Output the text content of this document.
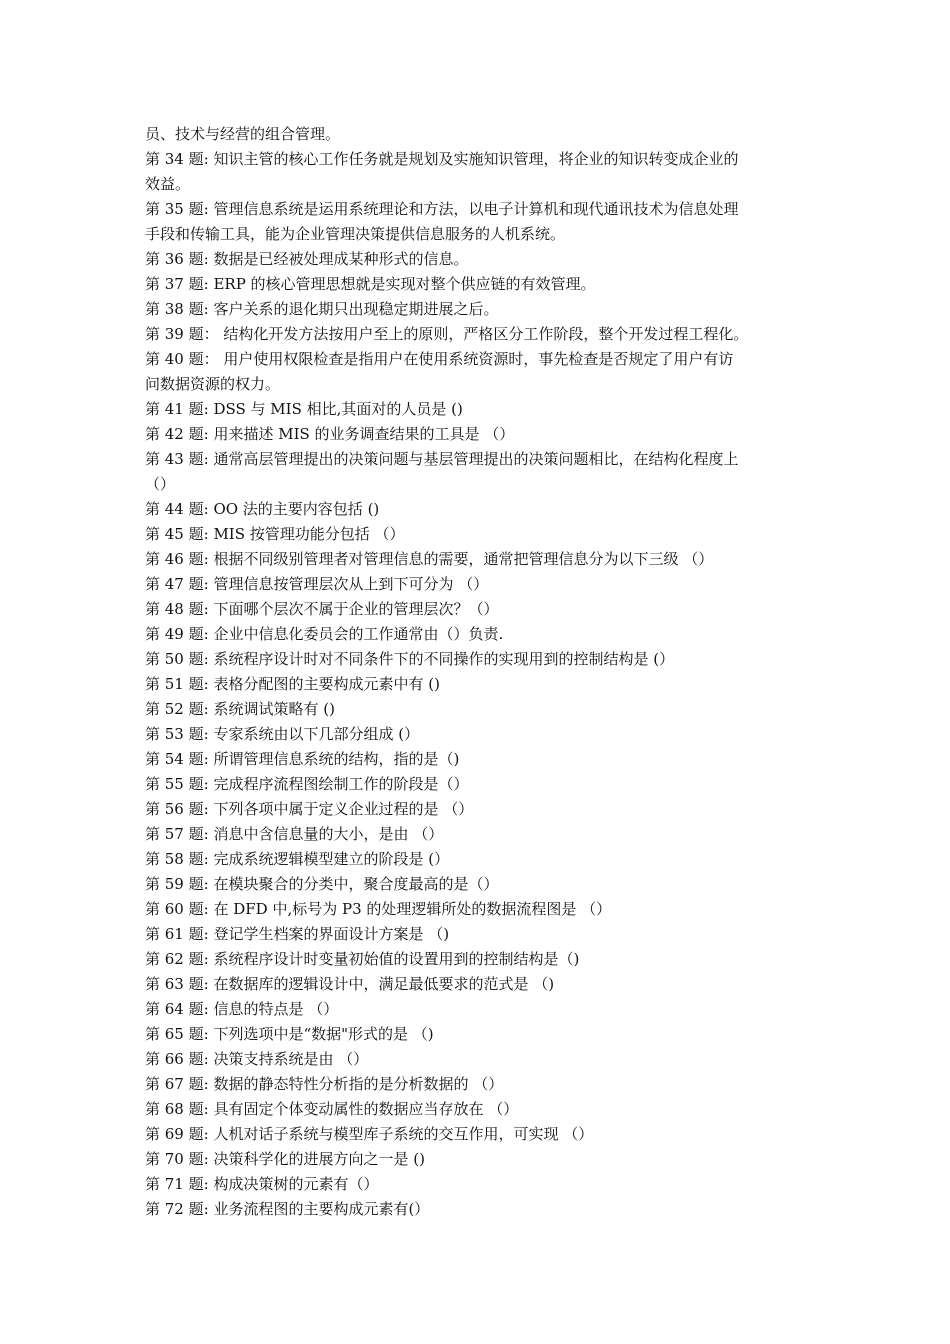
员、技术与经营的组合管理。
第 34 题: 知识主管的核心工作任务就是规划及实施知识管理，将企业的知识转变成企业的
效益。
第 35 题: 管理信息系统是运用系统理论和方法，以电子计算机和现代通讯技术为信息处理
手段和传输工具，能为企业管理决策提供信息服务的人机系统。
第 36 题: 数据是已经被处理成某种形式的信息。
第 37 题: ERP 的核心管理思想就是实现对整个供应链的有效管理。
第 38 题: 客户关系的退化期只出现稳定期进展之后。
第 39 题： 结构化开发方法按用户至上的原则，严格区分工作阶段，整个开发过程工程化。
第 40 题： 用户使用权限检查是指用户在使用系统资源时，事先检查是否规定了用户有访
问数据资源的权力。
第 41 题: DSS 与 MIS 相比,其面对的人员是 ()
第 42 题: 用来描述 MIS 的业务调查结果的工具是 （）
第 43 题: 通常高层管理提出的决策问题与基层管理提出的决策问题相比，在结构化程度上
（）
第 44 题: OO 法的主要内容包括 ()
第 45 题: MIS 按管理功能分包括 （）
第 46 题: 根据不同级别管理者对管理信息的需要，通常把管理信息分为以下三级 （）
第 47 题: 管理信息按管理层次从上到下可分为 （）
第 48 题: 下面哪个层次不属于企业的管理层次？（）
第 49 题: 企业中信息化委员会的工作通常由（）负责.
第 50 题: 系统程序设计时对不同条件下的不同操作的实现用到的控制结构是 (）
第 51 题: 表格分配图的主要构成元素中有 ()
第 52 题: 系统调试策略有 ()
第 53 题: 专家系统由以下几部分组成 (）
第 54 题: 所谓管理信息系统的结构，指的是（)
第 55 题: 完成程序流程图绘制工作的阶段是（）
第 56 题: 下列各项中属于定义企业过程的是 （）
第 57 题: 消息中含信息量的大小，是由 （）
第 58 题: 完成系统逻辑模型建立的阶段是 (）
第 59 题: 在模块聚合的分类中，聚合度最高的是（）
第 60 题: 在 DFD 中,标号为 P3 的处理逻辑所处的数据流程图是 （）
第 61 题: 登记学生档案的界面设计方案是 （)
第 62 题: 系统程序设计时变量初始值的设置用到的控制结构是（)
第 63 题: 在数据库的逻辑设计中，满足最低要求的范式是 （)
第 64 题: 信息的特点是 （）
第 65 题: 下列选项中是“数据"形式的是 （)
第 66 题: 决策支持系统是由 （）
第 67 题: 数据的静态特性分析指的是分析数据的 （）
第 68 题: 具有固定个体变动属性的数据应当存放在 （）
第 69 题: 人机对话子系统与模型库子系统的交互作用，可实现 （）
第 70 题: 决策科学化的进展方向之一是 ()
第 71 题: 构成决策树的元素有（）
第 72 题: 业务流程图的主要构成元素有(）
